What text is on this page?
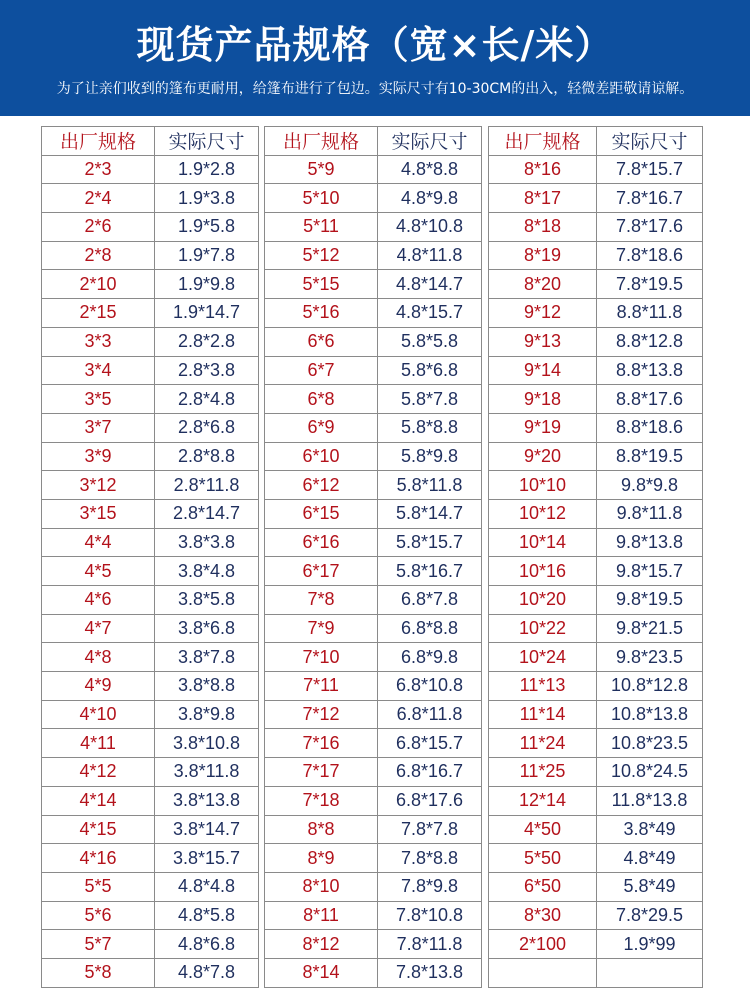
现货产品规格（宽×长/米）
为了让亲们收到的篷布更耐用，给篷布进行了包边。实际尺寸有10-30CM的出入，轻微差距敬请谅解。
出厂规格	实际尺寸
2*3	1.9*2.8
2*4	1.9*3.8
2*6	1.9*5.8
2*8	1.9*7.8
2*10	1.9*9.8
2*15	1.9*14.7
3*3	2.8*2.8
3*4	2.8*3.8
3*5	2.8*4.8
3*7	2.8*6.8
3*9	2.8*8.8
3*12	2.8*11.8
3*15	2.8*14.7
4*4	3.8*3.8
4*5	3.8*4.8
4*6	3.8*5.8
4*7	3.8*6.8
4*8	3.8*7.8
4*9	3.8*8.8
4*10	3.8*9.8
4*11	3.8*10.8
4*12	3.8*11.8
4*14	3.8*13.8
4*15	3.8*14.7
4*16	3.8*15.7
5*5	4.8*4.8
5*6	4.8*5.8
5*7	4.8*6.8
5*8	4.8*7.8
出厂规格	实际尺寸
5*9	4.8*8.8
5*10	4.8*9.8
5*11	4.8*10.8
5*12	4.8*11.8
5*15	4.8*14.7
5*16	4.8*15.7
6*6	5.8*5.8
6*7	5.8*6.8
6*8	5.8*7.8
6*9	5.8*8.8
6*10	5.8*9.8
6*12	5.8*11.8
6*15	5.8*14.7
6*16	5.8*15.7
6*17	5.8*16.7
7*8	6.8*7.8
7*9	6.8*8.8
7*10	6.8*9.8
7*11	6.8*10.8
7*12	6.8*11.8
7*16	6.8*15.7
7*17	6.8*16.7
7*18	6.8*17.6
8*8	7.8*7.8
8*9	7.8*8.8
8*10	7.8*9.8
8*11	7.8*10.8
8*12	7.8*11.8
8*14	7.8*13.8
出厂规格	实际尺寸
8*16	7.8*15.7
8*17	7.8*16.7
8*18	7.8*17.6
8*19	7.8*18.6
8*20	7.8*19.5
9*12	8.8*11.8
9*13	8.8*12.8
9*14	8.8*13.8
9*18	8.8*17.6
9*19	8.8*18.6
9*20	8.8*19.5
10*10	9.8*9.8
10*12	9.8*11.8
10*14	9.8*13.8
10*16	9.8*15.7
10*20	9.8*19.5
10*22	9.8*21.5
10*24	9.8*23.5
11*13	10.8*12.8
11*14	10.8*13.8
11*24	10.8*23.5
11*25	10.8*24.5
12*14	11.8*13.8
4*50	3.8*49
5*50	4.8*49
6*50	5.8*49
8*30	7.8*29.5
2*100	1.9*99
